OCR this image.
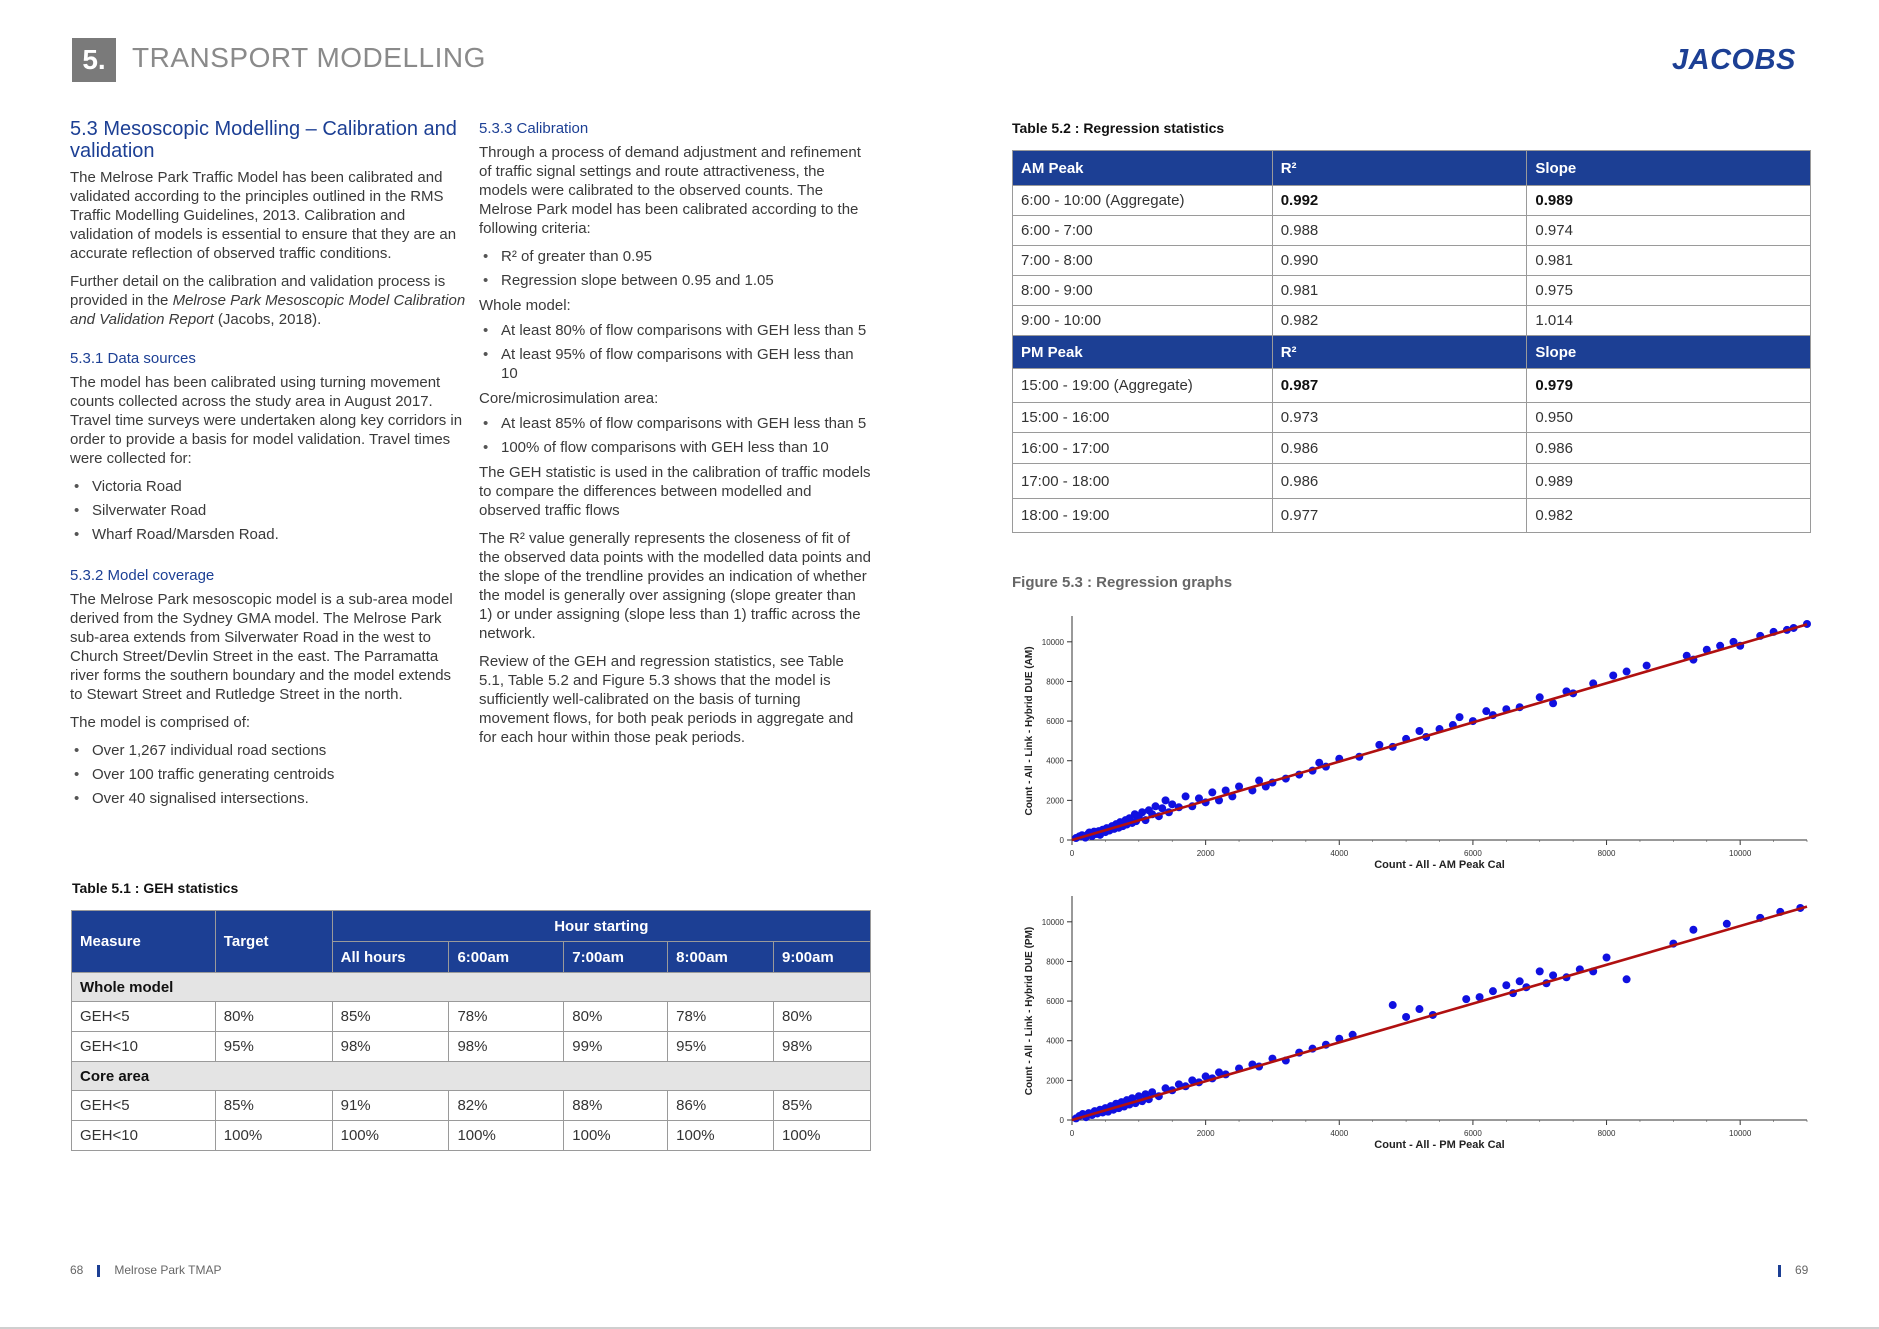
5. TRANSPORT MODELLING	JACOBS
5.3 Mesoscopic Modelling – Calibration and validation

The Melrose Park Traffic Model has been calibrated and validated according to the principles outlined in the RMS Traffic Modelling Guidelines, 2013. Calibration and validation of models is essential to ensure that they are an accurate reflection of observed traffic conditions.

Further detail on the calibration and validation process is provided in the Melrose Park Mesoscopic Model Calibration and Validation Report (Jacobs, 2018).

5.3.1 Data sources

The model has been calibrated using turning movement counts collected across the study area in August 2017. Travel time surveys were undertaken along key corridors in order to provide a basis for model validation. Travel times were collected for:

• Victoria Road
• Silverwater Road
• Wharf Road/Marsden Road.
5.3.2 Model coverage

The Melrose Park mesoscopic model is a sub-area model derived from the Sydney GMA model. The Melrose Park sub-area extends from Silverwater Road in the west to Church Street/Devlin Street in the east. The Parramatta river forms the southern boundary and the model extends to Stewart Street and Rutledge Street in the north.

The model is comprised of:

• Over 1,267 individual road sections
• Over 100 traffic generating centroids
• Over 40 signalised intersections.
5.3.3 Calibration

Through a process of demand adjustment and refinement of traffic signal settings and route attractiveness, the models were calibrated to the observed counts. The Melrose Park model has been calibrated according to the following criteria:

• R² of greater than 0.95
• Regression slope between 0.95 and 1.05

Whole model:

• At least 80% of flow comparisons with GEH less than 5
• At least 95% of flow comparisons with GEH less than 10

Core/microsimulation area:

• At least 85% of flow comparisons with GEH less than 5
• 100% of flow comparisons with GEH less than 10

The GEH statistic is used in the calibration of traffic models to compare the differences between modelled and observed traffic flows

The R² value generally represents the closeness of fit of the observed data points with the modelled data points and the slope of the trendline provides an indication of whether the model is generally over assigning (slope greater than 1) or under assigning (slope less than 1) traffic across the network.

Review of the GEH and regression statistics, see Table 5.1, Table 5.2 and Figure 5.3 shows that the model is sufficiently well-calibrated on the basis of turning movement flows, for both peak periods in aggregate and for each hour within those peak periods.

Table 5.1 : GEH statistics
Measure	Target	Hour starting				
		All hours	6:00am	7:00am	8:00am	9:00am
Whole model						
GEH<5	80%	85%	78%	80%	78%	80%
GEH<10	95%	98%	98%	99%	95%	98%
Core area						
GEH<5	85%	91%	82%	88%	86%	85%
GEH<10	100%	100%	100%	100%	100%	100%
Table 5.2 : Regression statistics
AM Peak	R²	Slope
6:00 - 10:00 (Aggregate)	0.992	0.989
6:00 - 7:00	0.988	0.974
7:00 - 8:00	0.990	0.981
8:00 - 9:00	0.981	0.975
9:00 - 10:00	0.982	1.014
PM Peak	R²	Slope
15:00 - 19:00 (Aggregate)	0.987	0.979
15:00 - 16:00	0.973	0.950
16:00 - 17:00	0.986	0.986
17:00 - 18:00	0.986	0.989
18:00 - 19:00	0.977	0.982
Figure 5.3 : Regression graphs
0	2000	4000	6000	8000	10000
0
2000
4000
6000
8000
10000
Count - All - AM Peak Cal
Count - All - Link - Hybrid DUE (AM)
0	2000	4000	6000	8000	10000
0
2000
4000
6000
8000
10000
Count - All - PM Peak Cal
Count - All - Link - Hybrid DUE (PM)
68	Melrose Park TMAP	69
